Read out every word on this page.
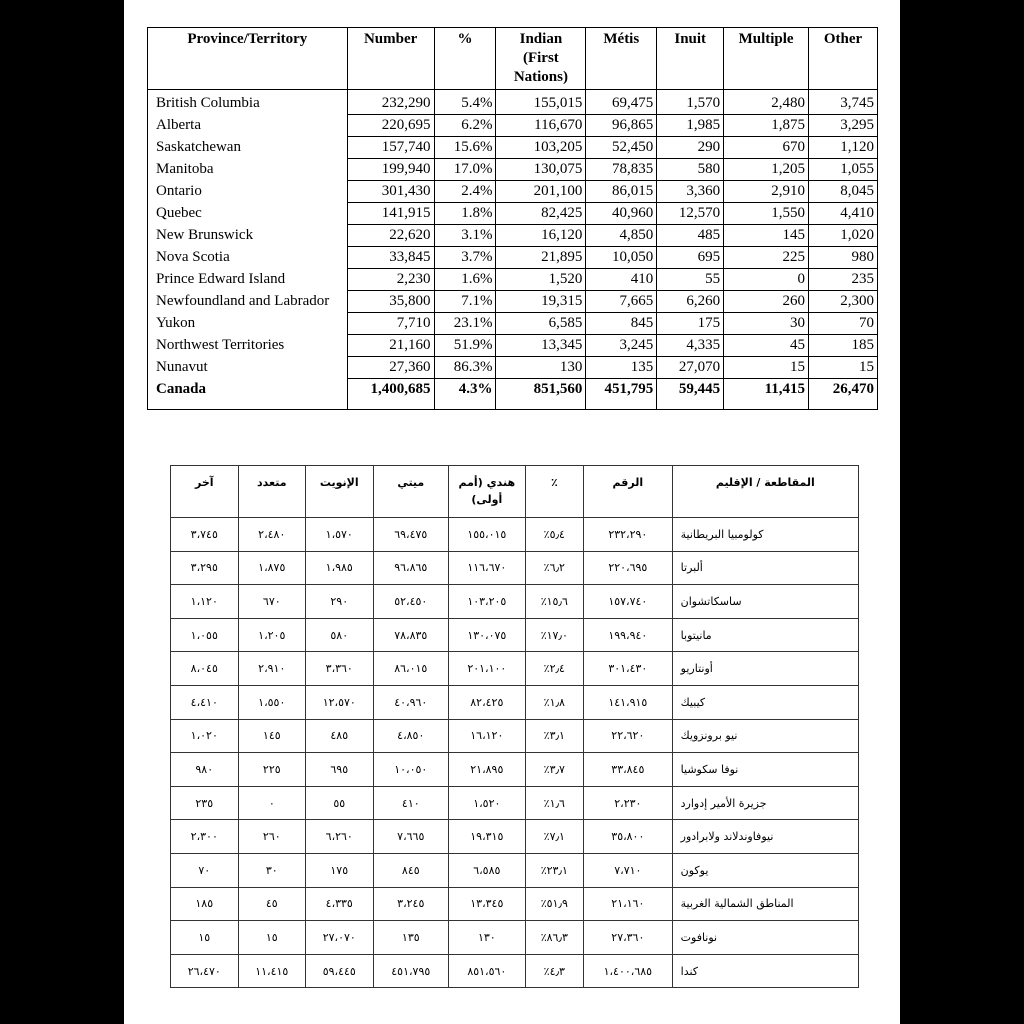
Province/Territory	Number	%	Indian (First Nations)	Métis	Inuit	Multiple	Other
British Columbia	232,290	5.4%	155,015	69,475	1,570	2,480	3,745
Alberta	220,695	6.2%	116,670	96,865	1,985	1,875	3,295
Saskatchewan	157,740	15.6%	103,205	52,450	290	670	1,120
Manitoba	199,940	17.0%	130,075	78,835	580	1,205	1,055
Ontario	301,430	2.4%	201,100	86,015	3,360	2,910	8,045
Quebec	141,915	1.8%	82,425	40,960	12,570	1,550	4,410
New Brunswick	22,620	3.1%	16,120	4,850	485	145	1,020
Nova Scotia	33,845	3.7%	21,895	10,050	695	225	980
Prince Edward Island	2,230	1.6%	1,520	410	55	0	235
Newfoundland and Labrador	35,800	7.1%	19,315	7,665	6,260	260	2,300
Yukon	7,710	23.1%	6,585	845	175	30	70
Northwest Territories	21,160	51.9%	13,345	3,245	4,335	45	185
Nunavut	27,360	86.3%	130	135	27,070	15	15
Canada	1,400,685	4.3%	851,560	451,795	59,445	11,415	26,470
المقاطعة / الإقليم	الرقم	٪	هندي (أمم أولى)	ميتي	الإنويت	متعدد	آخر
كولومبيا البريطانية	٢٣٢،٢٩٠	٥٫٤٪	١٥٥،٠١٥	٦٩،٤٧٥	١،٥٧٠	٢،٤٨٠	٣،٧٤٥
ألبرتا	٢٢٠،٦٩٥	٦٫٢٪	١١٦،٦٧٠	٩٦،٨٦٥	١،٩٨٥	١،٨٧٥	٣،٢٩٥
ساسكاتشوان	١٥٧،٧٤٠	١٥٫٦٪	١٠٣،٢٠٥	٥٢،٤٥٠	٢٩٠	٦٧٠	١،١٢٠
مانيتوبا	١٩٩،٩٤٠	١٧٫٠٪	١٣٠،٠٧٥	٧٨،٨٣٥	٥٨٠	١،٢٠٥	١،٠٥٥
أونتاريو	٣٠١،٤٣٠	٢٫٤٪	٢٠١،١٠٠	٨٦،٠١٥	٣،٣٦٠	٢،٩١٠	٨،٠٤٥
كيبيك	١٤١،٩١٥	١٫٨٪	٨٢،٤٢٥	٤٠،٩٦٠	١٢،٥٧٠	١،٥٥٠	٤،٤١٠
نيو برونزويك	٢٢،٦٢٠	٣٫١٪	١٦،١٢٠	٤،٨٥٠	٤٨٥	١٤٥	١،٠٢٠
نوفا سكوشيا	٣٣،٨٤٥	٣٫٧٪	٢١،٨٩٥	١٠،٠٥٠	٦٩٥	٢٢٥	٩٨٠
جزيرة الأمير إدوارد	٢،٢٣٠	١٫٦٪	١،٥٢٠	٤١٠	٥٥	٠	٢٣٥
نيوفاوندلاند ولابرادور	٣٥،٨٠٠	٧٫١٪	١٩،٣١٥	٧،٦٦٥	٦،٢٦٠	٢٦٠	٢،٣٠٠
يوكون	٧،٧١٠	٢٣٫١٪	٦،٥٨٥	٨٤٥	١٧٥	٣٠	٧٠
المناطق الشمالية الغربية	٢١،١٦٠	٥١٫٩٪	١٣،٣٤٥	٣،٢٤٥	٤،٣٣٥	٤٥	١٨٥
نونافوت	٢٧،٣٦٠	٨٦٫٣٪	١٣٠	١٣٥	٢٧،٠٧٠	١٥	١٥
كندا	١،٤٠٠،٦٨٥	٤٫٣٪	٨٥١،٥٦٠	٤٥١،٧٩٥	٥٩،٤٤٥	١١،٤١٥	٢٦،٤٧٠
